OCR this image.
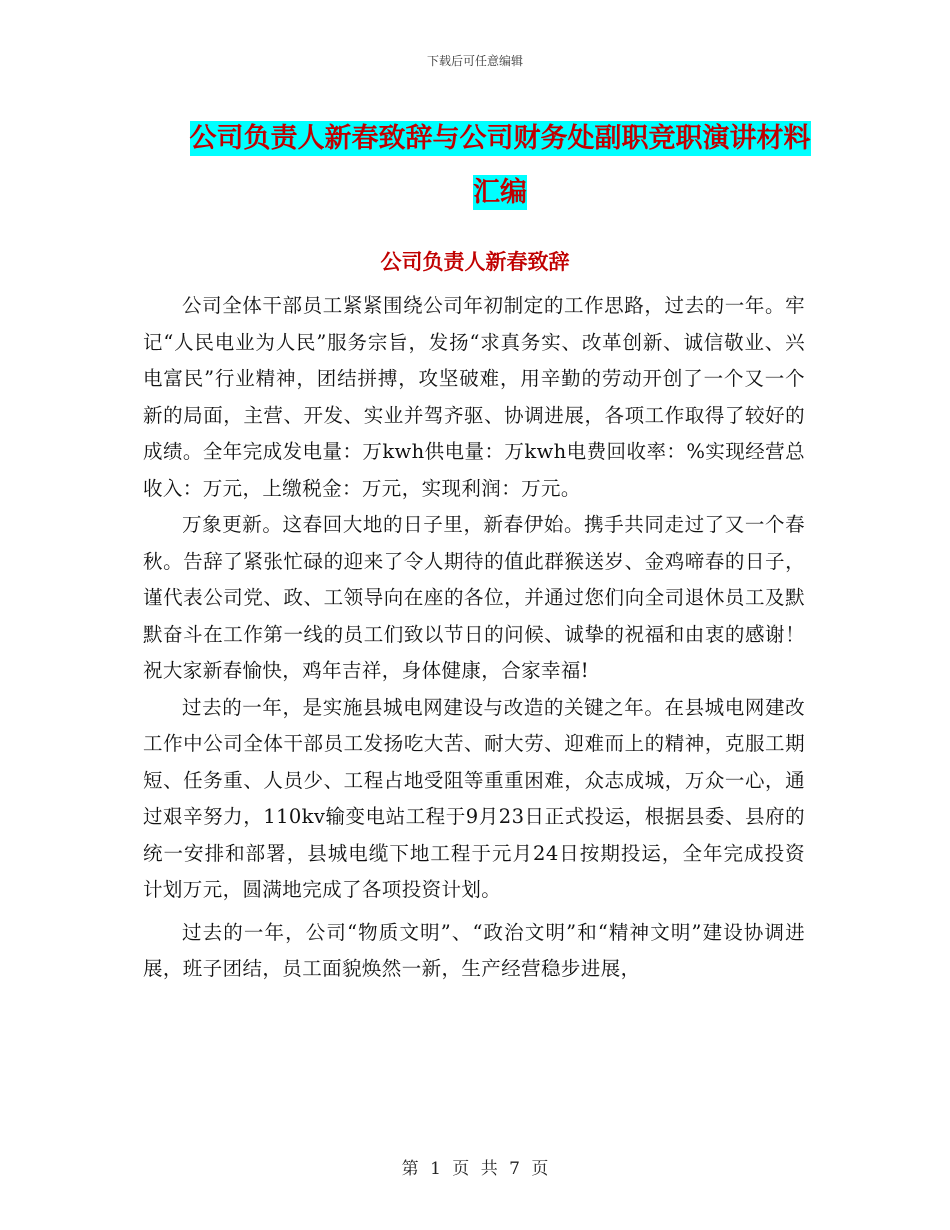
下载后可任意编辑
公司负责人新春致辞与公司财务处副职竞职演讲材料
汇编
公司负责人新春致辞

公司全体干部员工紧紧围绕公司年初制定的工作思路，过去的一年。牢记“人民电业为人民”服务宗旨，发扬“求真务实、改革创新、诚信敬业、兴电富民”行业精神，团结拼搏，攻坚破难，用辛勤的劳动开创了一个又一个新的局面，主营、开发、实业并驾齐驱、协调进展，各项工作取得了较好的成绩。全年完成发电量：万kwh供电量：万kwh电费回收率：%实现经营总收入：万元，上缴税金：万元，实现利润：万元。

万象更新。这春回大地的日子里，新春伊始。携手共同走过了又一个春秋。告辞了紧张忙碌的迎来了令人期待的值此群猴送岁、金鸡啼春的日子，谨代表公司党、政、工领导向在座的各位，并通过您们向全司退休员工及默默奋斗在工作第一线的员工们致以节日的问候、诚挚的祝福和由衷的感谢！祝大家新春愉快，鸡年吉祥，身体健康，合家幸福!

过去的一年，是实施县城电网建设与改造的关键之年。在县城电网建改工作中公司全体干部员工发扬吃大苦、耐大劳、迎难而上的精神，克服工期短、任务重、人员少、工程占地受阻等重重困难，众志成城，万众一心，通过艰辛努力，110kv输变电站工程于9月23日正式投运，根据县委、县府的统一安排和部署，县城电缆下地工程于元月24日按期投运，全年完成投资计划万元，圆满地完成了各项投资计划。

过去的一年，公司“物质文明”、“政治文明”和“精神文明”建设协调进展，班子团结，员工面貌焕然一新，生产经营稳步进展，

第 1 页 共 7 页
